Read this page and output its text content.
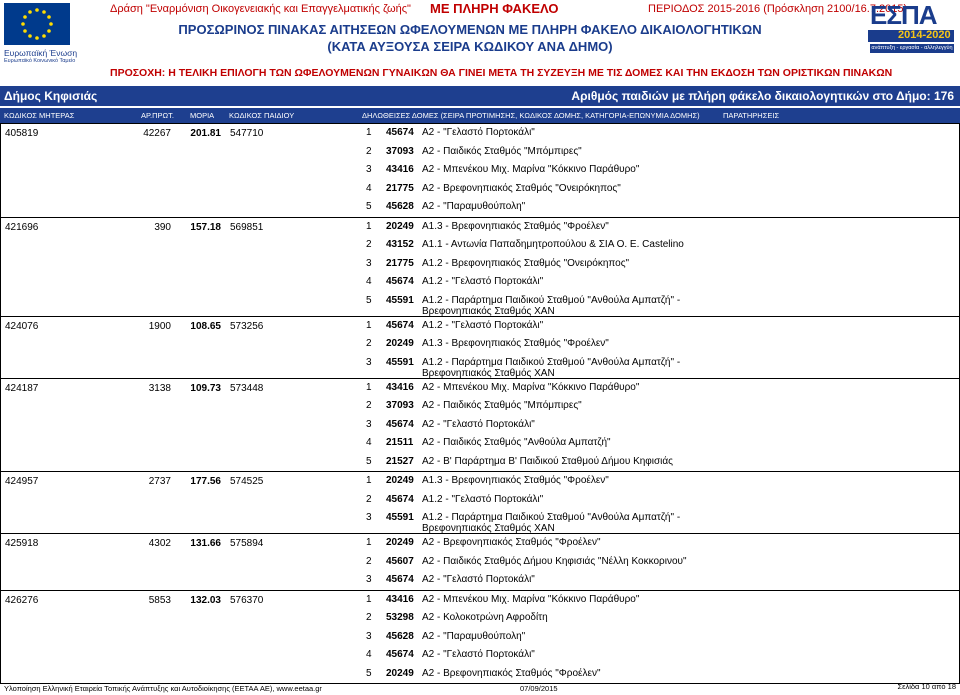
Ευρωπαϊκή Ένωση
Ευρωπαϊκό Κοινωνικό Ταμείο
Δράση "Εναρμόνιση Οικογενειακής και Επαγγελματικής ζωής" ΜΕ ΠΛΗΡΗ ΦΑΚΕΛΟ	ΠΕΡΙΟΔΟΣ 2015-2016 (Πρόσκληση 2100/16.7.2015)
ΠΡΟΣΩΡΙΝΟΣ ΠΙΝΑΚΑΣ ΑΙΤΗΣΕΩΝ ΩΦΕΛΟΥΜΕΝΩΝ ΜΕ ΠΛΗΡΗ ΦΑΚΕΛΟ ΔΙΚΑΙΟΛΟΓΗΤΙΚΩΝ
(ΚΑΤΑ ΑΥΞΟΥΣΑ ΣΕΙΡΑ ΚΩΔΙΚΟΥ ΑΝΑ ΔΗΜΟ)
ΕΣΠΑ
2014-2020
ανάπτυξη - εργασία - αλληλεγγύη
ΠΡΟΣΟΧΗ: Η ΤΕΛΙΚΗ ΕΠΙΛΟΓΗ ΤΩΝ ΩΦΕΛΟΥΜΕΝΩΝ ΓΥΝΑΙΚΩΝ ΘΑ ΓΙΝΕΙ ΜΕΤΑ ΤΗ ΣΥΖΕΥΞΗ ΜΕ ΤΙΣ ΔΟΜΕΣ ΚΑΙ ΤΗΝ ΕΚΔΟΣΗ ΤΩΝ ΟΡΙΣΤΙΚΩΝ ΠΙΝΑΚΩΝ
Δήμος Κηφισιάς	Αριθμός παιδιών με πλήρη φάκελο δικαιολογητικών στο Δήμο: 176
ΚΩΔΙΚΟΣ ΜΗΤΕΡΑΣ	ΑΡ.ΠΡΩΤ. ΜΟΡΙΑ ΚΩΔΙΚΟΣ ΠΑΙΔΙΟΥ	ΔΗΛΩΘΕΙΣΕΣ ΔΟΜΕΣ (ΣΕΙΡΑ ΠΡΟΤΙΜΗΣΗΣ, ΚΩΔΙΚΟΣ ΔΟΜΗΣ, ΚΑΤΗΓΟΡΙΑ-ΕΠΩΝΥΜΙΑ ΔΟΜΗΣ)	ΠΑΡΑΤΗΡΗΣΕΙΣ
405819	42267	201.81 547710	1 45674 Α2 - "Γελαστό Πορτοκάλι"
2 37093 Α2 - Παιδικός Σταθμός "Μπόμπιρες"
3 43416 Α2 - Μπενέκου Μιχ. Μαρίνα "Κόκκινο Παράθυρο"
4 21775 Α2 - Βρεφονηπιακός Σταθμός "Ονειρόκηπος"
5 45628 Α2 - "Παραμυθούπολη"
421696	390	157.18 569851	1 20249 Α1.3 - Βρεφονηπιακός Σταθμός "Φροέλεν"
2 43152 Α1.1 - Αντωνία Παπαδημητροπούλου & ΣΙΑ Ο. Ε. Castelino
3 21775 Α1.2 - Βρεφονηπιακός Σταθμός "Ονειρόκηπος"
4 45674 Α1.2 - "Γελαστό Πορτοκάλι"
5 45591 Α1.2 - Παράρτημα Παιδικού Σταθμού "Ανθούλα Αμπατζή" -
Βρεφονηπιακός Σταθμός ΧΑΝ
424076	1900	108.65 573256	1 45674 Α1.2 - "Γελαστό Πορτοκάλι"
2 20249 Α1.3 - Βρεφονηπιακός Σταθμός "Φροέλεν"
3 45591 Α1.2 - Παράρτημα Παιδικού Σταθμού "Ανθούλα Αμπατζή" -
Βρεφονηπιακός Σταθμός ΧΑΝ
424187	3138	109.73 573448	1 43416 Α2 - Μπενέκου Μιχ. Μαρίνα "Κόκκινο Παράθυρο"
2 37093 Α2 - Παιδικός Σταθμός "Μπόμπιρες"
3 45674 Α2 - "Γελαστό Πορτοκάλι"
4 21511 Α2 - Παιδικός Σταθμός "Ανθούλα Αμπατζή"
5 21527 Α2 - Β' Παράρτημα Β' Παιδικού Σταθμού Δήμου Κηφισιάς
424957	2737	177.56 574525	1 20249 Α1.3 - Βρεφονηπιακός Σταθμός "Φροέλεν"
2 45674 Α1.2 - "Γελαστό Πορτοκάλι"
3 45591 Α1.2 - Παράρτημα Παιδικού Σταθμού "Ανθούλα Αμπατζή" -
Βρεφονηπιακός Σταθμός ΧΑΝ
425918	4302	131.66 575894	1 20249 Α2 - Βρεφονηπιακός Σταθμός "Φροέλεν"
2 45607 Α2 - Παιδικός Σταθμός Δήμου Κηφισιάς "Νέλλη Κοκκορινου"
3 45674 Α2 - "Γελαστό Πορτοκάλι"
426276	5853	132.03 576370	1 43416 Α2 - Μπενέκου Μιχ. Μαρίνα "Κόκκινο Παράθυρο"
2 53298 Α2 - Κολοκοτρώνη Αφροδίτη
3 45628 Α2 - "Παραμυθούπολη"
4 45674 Α2 - "Γελαστό Πορτοκάλι"
5 20249 Α2 - Βρεφονηπιακός Σταθμός "Φροέλεν"
Υλοποίηση Ελληνική Εταιρεία Τοπικής Ανάπτυξης και Αυτοδιοίκησης (ΕΕΤΑΑ ΑΕ), www.eetaa.gr	07/09/2015	Σελίδα 10 από 18
